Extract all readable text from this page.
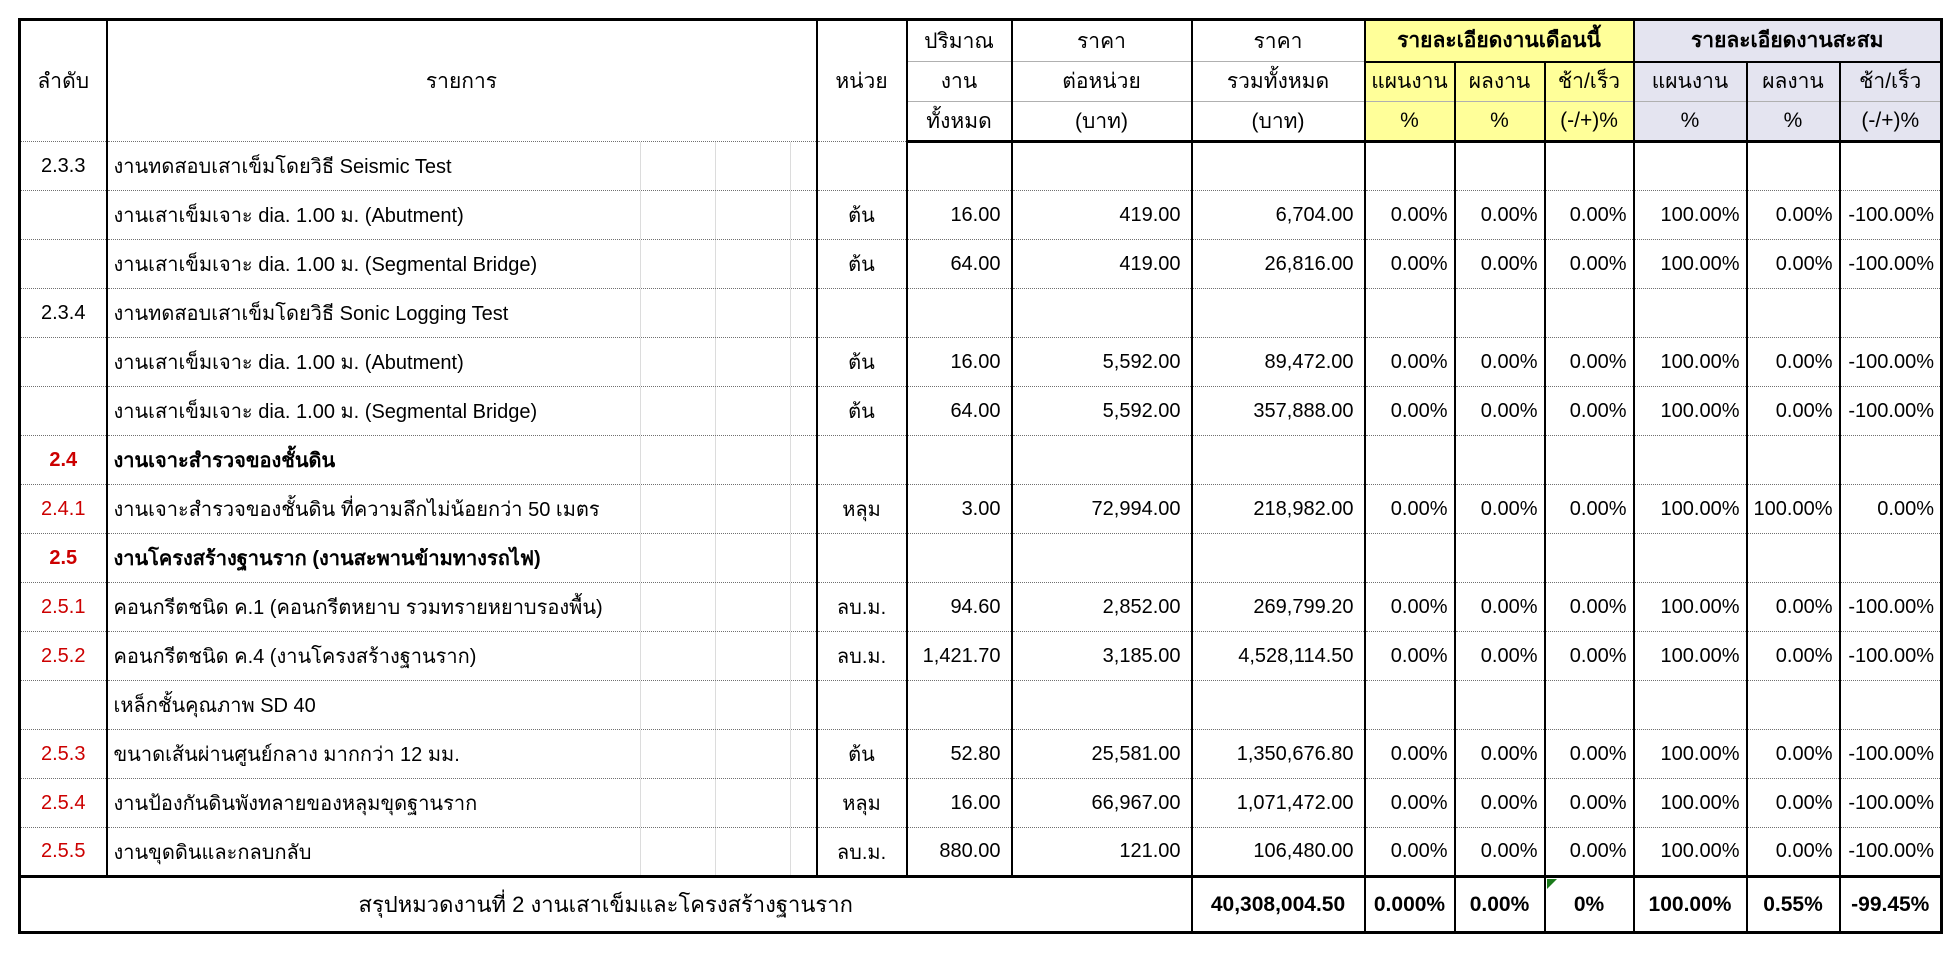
ลำดับ	รายการ	หน่วย	ปริมาณ	ราคา	ราคา	รายละเอียดงานเดือนนี้			รายละเอียดงานสะสม		
			งาน	ต่อหน่วย	รวมทั้งหมด	แผนงาน	ผลงาน	ช้า/เร็ว	แผนงาน	ผลงาน	ช้า/เร็ว
			ทั้งหมด	(บาท)	(บาท)	%	%	(-/+)%	%	%	(-/+)%
2.3.3	งานทดสอบเสาเข็มโดยวิธี Seismic Test

	งานเสาเข็มเจาะ dia. 1.00 ม. (Abutment)	ต้น	16.00	419.00	6,704.00	0.00%	0.00%	0.00%	100.00%	0.00%	-100.00%
	งานเสาเข็มเจาะ dia. 1.00 ม. (Segmental Bridge)	ต้น	64.00	419.00	26,816.00	0.00%	0.00%	0.00%	100.00%	0.00%	-100.00%
2.3.4	งานทดสอบเสาเข็มโดยวิธี Sonic Logging Test

	งานเสาเข็มเจาะ dia. 1.00 ม. (Abutment)	ต้น	16.00	5,592.00	89,472.00	0.00%	0.00%	0.00%	100.00%	0.00%	-100.00%
	งานเสาเข็มเจาะ dia. 1.00 ม. (Segmental Bridge)	ต้น	64.00	5,592.00	357,888.00	0.00%	0.00%	0.00%	100.00%	0.00%	-100.00%
2.4	งานเจาะสำรวจของชั้นดิน

2.4.1	งานเจาะสำรวจของชั้นดิน ที่ความลึกไม่น้อยกว่า 50 เมตร	หลุม	3.00	72,994.00	218,982.00	0.00%	0.00%	0.00%	100.00%	100.00%	0.00%
2.5	งานโครงสร้างฐานราก (งานสะพานข้ามทางรถไฟ)

2.5.1	คอนกรีตชนิด ค.1 (คอนกรีตหยาบ รวมทรายหยาบรองพื้น)	ลบ.ม.	94.60	2,852.00	269,799.20	0.00%	0.00%	0.00%	100.00%	0.00%	-100.00%
2.5.2	คอนกรีตชนิด ค.4 (งานโครงสร้างฐานราก)	ลบ.ม.	1,421.70	3,185.00	4,528,114.50	0.00%	0.00%	0.00%	100.00%	0.00%	-100.00%
	เหล็กชั้นคุณภาพ SD 40

2.5.3	ขนาดเส้นผ่านศูนย์กลาง มากกว่า 12 มม.	ต้น	52.80	25,581.00	1,350,676.80	0.00%	0.00%	0.00%	100.00%	0.00%	-100.00%
2.5.4	งานป้องกันดินพังทลายของหลุมขุดฐานราก	หลุม	16.00	66,967.00	1,071,472.00	0.00%	0.00%	0.00%	100.00%	0.00%	-100.00%
2.5.5	งานขุดดินและกลบกลับ	ลบ.ม.	880.00	121.00	106,480.00	0.00%	0.00%	0.00%	100.00%	0.00%	-100.00%
สรุปหมวดงานที่ 2 งานเสาเข็มและโครงสร้างฐานราก					40,308,004.50	0.000%	0.00%	0%	100.00%	0.55%	-99.45%
